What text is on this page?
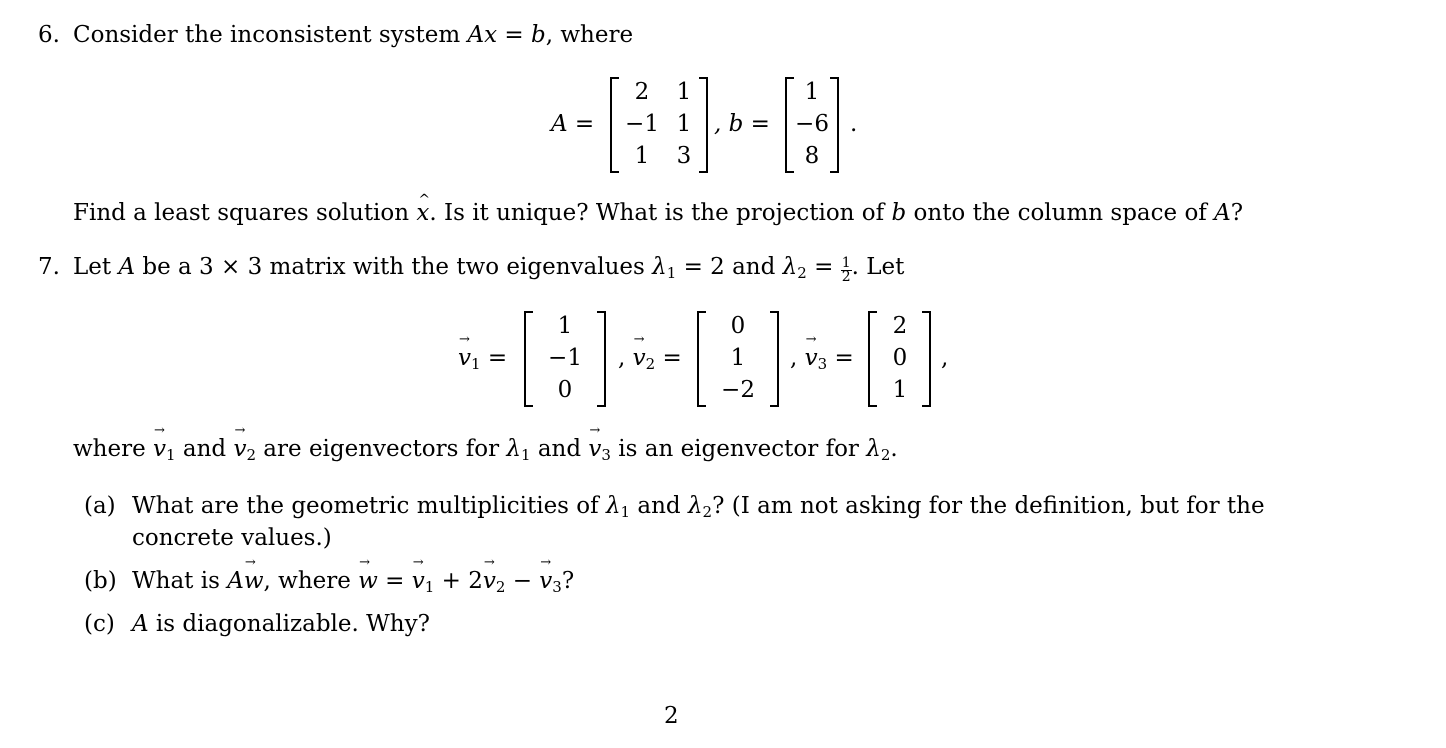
6. Consider the inconsistent system Ax = b, where
A =
2	1
−1 1
1	3
, b =
1
−6
8
.
Find a least squares solution ^ x. Is it unique? What is the projection of b onto the column space of A?
7. Let A be a 3 × 3 matrix with the two eigenvalues $\lambda_1 = 2$ and $\lambda_2 = \frac{1}{2}$ . Let
→ $v_1$ =
1
−1
0
, → $v_2$ =
0
1
−2
, → $v_3$ =
2
0
1
,
where → $v_1$ and → $v_2$ are eigenvectors for $\lambda_1$ and → $v_3$ is an eigenvector for $\lambda_2$.
(a) What are the geometric multiplicities of $\lambda_1$ and $\lambda_2$? (I am not asking for the definition, but for the
concrete values.)
(b) What is A→ w, where → w = → $v_1 + 2\to v_2$ − → $v_3$?
(c) A is diagonalizable. Why?
2
